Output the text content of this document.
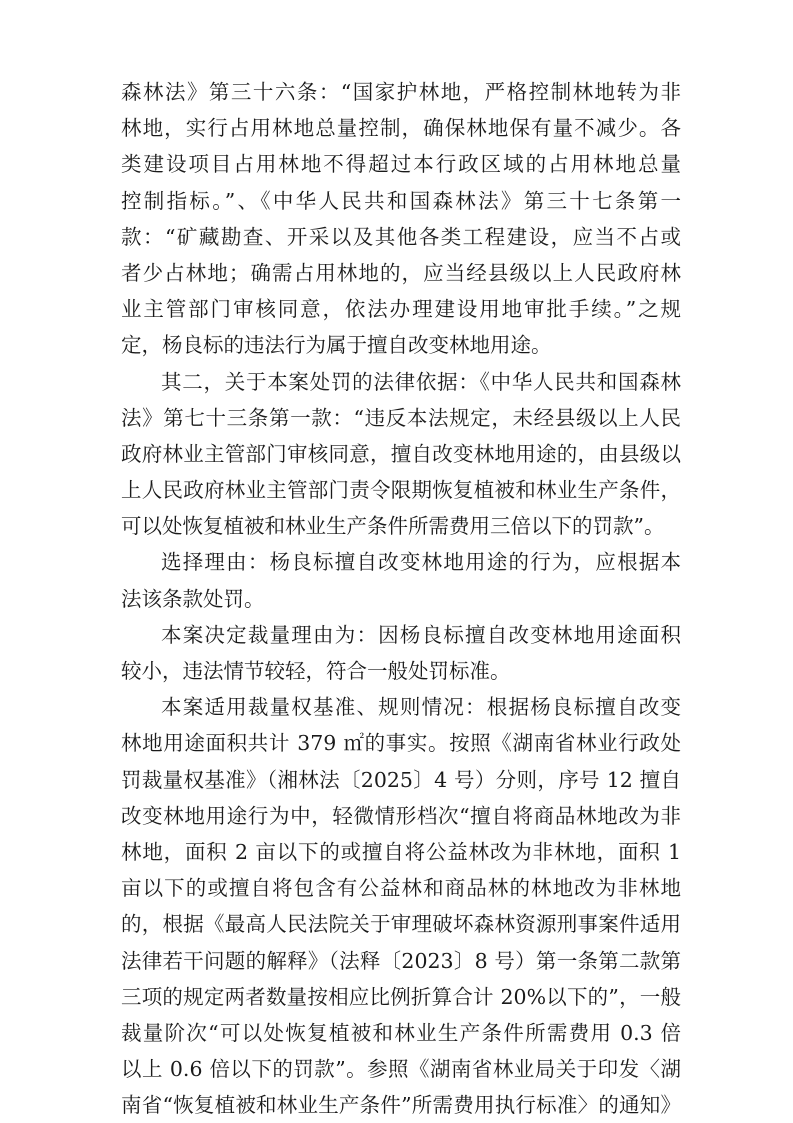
森林法》第三十六条：“国家护林地，严格控制林地转为非
林地，实行占用林地总量控制，确保林地保有量不减少。各
类建设项目占用林地不得超过本行政区域的占用林地总量
控制指标。”、《中华人民共和国森林法》第三十七条第一
款：“矿藏勘查、开采以及其他各类工程建设，应当不占或
者少占林地；确需占用林地的，应当经县级以上人民政府林
业主管部门审核同意，依法办理建设用地审批手续。”之规
定，杨良标的违法行为属于擅自改变林地用途。
其二，关于本案处罚的法律依据：《中华人民共和国森林
法》第七十三条第一款：“违反本法规定，未经县级以上人民
政府林业主管部门审核同意，擅自改变林地用途的，由县级以
上人民政府林业主管部门责令限期恢复植被和林业生产条件，
可以处恢复植被和林业生产条件所需费用三倍以下的罚款”。
选择理由：杨良标擅自改变林地用途的行为，应根据本
法该条款处罚。
本案决定裁量理由为：因杨良标擅自改变林地用途面积
较小，违法情节较轻，符合一般处罚标准。
本案适用裁量权基准、规则情况：根据杨良标擅自改变
林地用途面积共计 379 ㎡的事实。按照《湖南省林业行政处
罚裁量权基准》（湘林法〔2025〕4 号）分则，序号 12 擅自
改变林地用途行为中，轻微情形档次“擅自将商品林地改为非
林地，面积 2 亩以下的或擅自将公益林改为非林地，面积 1
亩以下的或擅自将包含有公益林和商品林的林地改为非林地
的，根据《最高人民法院关于审理破坏森林资源刑事案件适用
法律若干问题的解释》（法释〔2023〕8 号）第一条第二款第
三项的规定两者数量按相应比例折算合计 20%以下的”，一般
裁量阶次“可以处恢复植被和林业生产条件所需费用 0.3 倍
以上 0.6 倍以下的罚款”。参照《湖南省林业局关于印发〈湖
南省“恢复植被和林业生产条件”所需费用执行标准〉的通知》
